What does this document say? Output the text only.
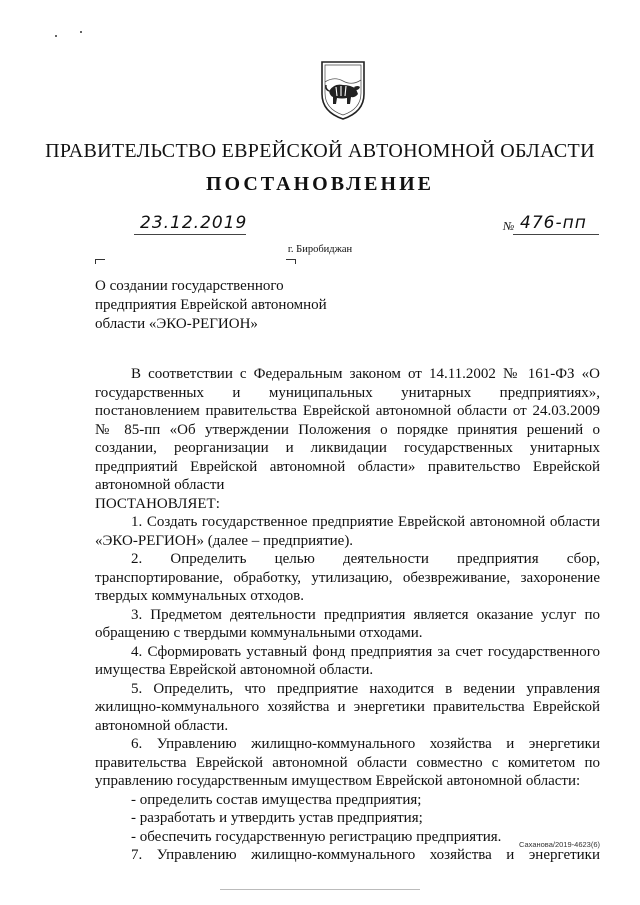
ПРАВИТЕЛЬСТВО ЕВРЕЙСКОЙ АВТОНОМНОЙ ОБЛАСТИ
ПОСТАНОВЛЕНИЕ
23.12.2019	№ 476-пп
г. Биробиджан
О создании государственного
предприятия Еврейской автономной
области «ЭКО-РЕГИОН»

В соответствии с Федеральным законом от 14.11.2002 № 161-ФЗ «О государственных и муниципальных унитарных предприятиях», постановлением правительства Еврейской автономной области от 24.03.2009 № 85-пп «Об утверждении Положения о порядке принятия решений о создании, реорганизации и ликвидации государственных унитарных предприятий Еврейской автономной области» правительство Еврейской автономной области

ПОСТАНОВЛЯЕТ:

1. Создать государственное предприятие Еврейской автономной области «ЭКО-РЕГИОН» (далее – предприятие).

2. Определить целью деятельности предприятия сбор, транспортирование, обработку, утилизацию, обезвреживание, захоронение твердых коммунальных отходов.

3. Предметом деятельности предприятия является оказание услуг по обращению с твердыми коммунальными отходами.

4. Сформировать уставный фонд предприятия за счет государственного имущества Еврейской автономной области.

5. Определить, что предприятие находится в ведении управления жилищно-коммунального хозяйства и энергетики правительства Еврейской автономной области.

6. Управлению жилищно-коммунального хозяйства и энергетики правительства Еврейской автономной области совместно с комитетом по управлению государственным имуществом Еврейской автономной области:

- определить состав имущества предприятия;

- разработать и утвердить устав предприятия;

- обеспечить государственную регистрацию предприятия.

7. Управлению жилищно-коммунального хозяйства и энергетики

Саханова/2019-4623(6)
